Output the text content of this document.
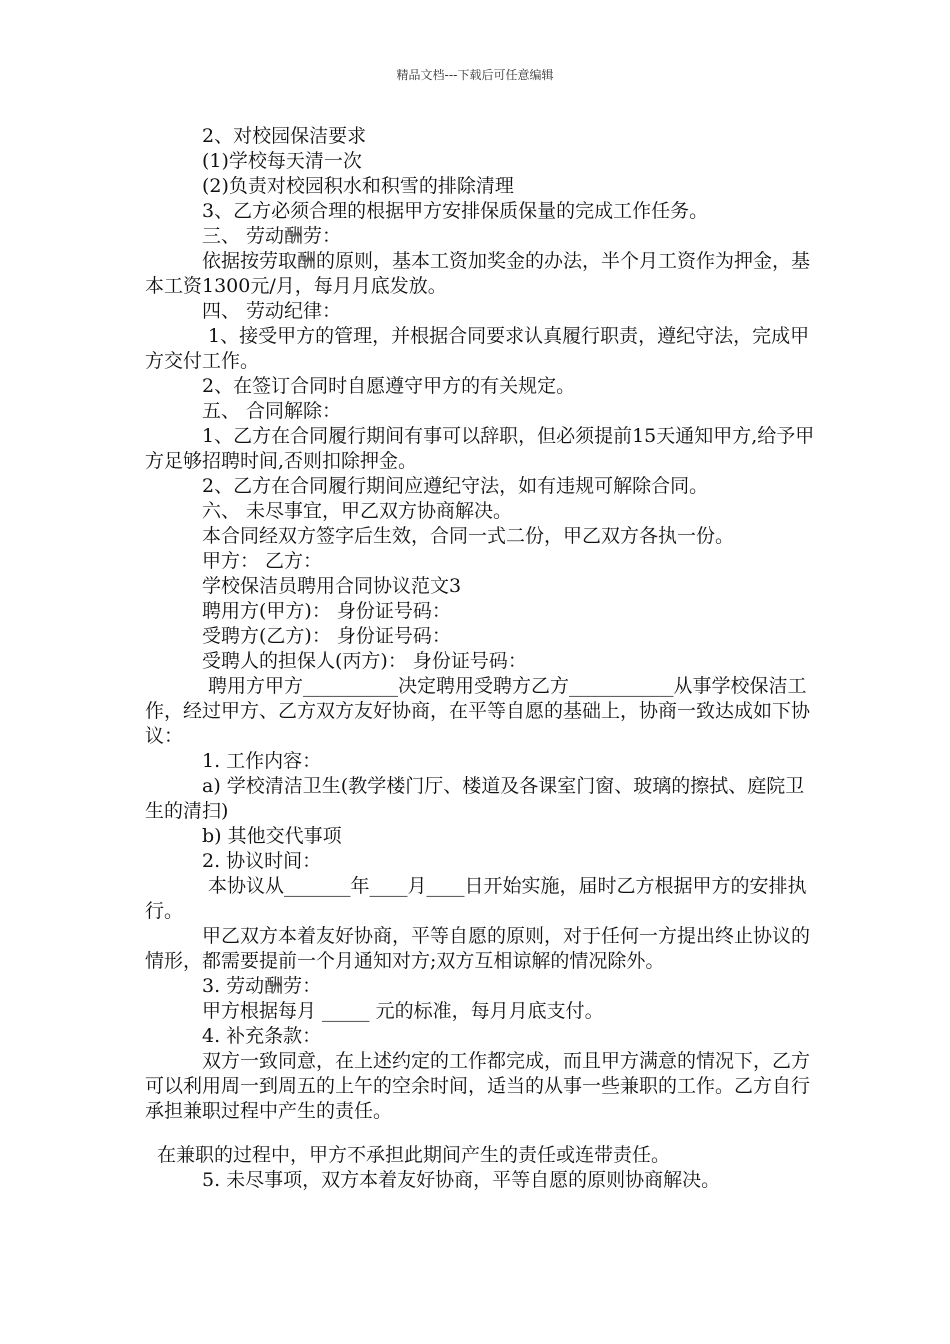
精品文档---下载后可任意编辑
2、对校园保洁要求
(1)学校每天清一次
(2)负责对校园积水和积雪的排除清理
3、乙方必须合理的根据甲方安排保质保量的完成工作任务。
三、 劳动酬劳：
依据按劳取酬的原则，基本工资加奖金的办法，半个月工资作为押金，基本工资1300元/月，每月月底发放。
四、 劳动纪律：
1、接受甲方的管理，并根据合同要求认真履行职责，遵纪守法，完成甲方交付工作。
2、在签订合同时自愿遵守甲方的有关规定。
五、 合同解除：
1、乙方在合同履行期间有事可以辞职，但必须提前15天通知甲方,给予甲方足够招聘时间,否则扣除押金。
2、乙方在合同履行期间应遵纪守法，如有违规可解除合同。
六、 未尽事宜，甲乙双方协商解决。
本合同经双方签字后生效，合同一式二份，甲乙双方各执一份。
甲方： 乙方：
学校保洁员聘用合同协议范文3
聘用方(甲方)： 身份证号码：
受聘方(乙方)： 身份证号码：
受聘人的担保人(丙方)： 身份证号码：
聘用方甲方__________决定聘用受聘方乙方___________从事学校保洁工作，经过甲方、乙方双方友好协商，在平等自愿的基础上，协商一致达成如下协议：
1. 工作内容：
a) 学校清洁卫生(教学楼门厅、楼道及各课室门窗、玻璃的擦拭、庭院卫生的清扫)
b) 其他交代事项
2. 协议时间：
本协议从_______年____月____日开始实施，届时乙方根据甲方的安排执行。
甲乙双方本着友好协商，平等自愿的原则，对于任何一方提出终止协议的情形，都需要提前一个月通知对方;双方互相谅解的情况除外。
3. 劳动酬劳：
甲方根据每月 _____ 元的标准，每月月底支付。
4. 补充条款：
双方一致同意，在上述约定的工作都完成，而且甲方满意的情况下，乙方可以利用周一到周五的上午的空余时间，适当的从事一些兼职的工作。乙方自行承担兼职过程中产生的责任。
在兼职的过程中，甲方不承担此期间产生的责任或连带责任。
5. 未尽事项，双方本着友好协商，平等自愿的原则协商解决。
